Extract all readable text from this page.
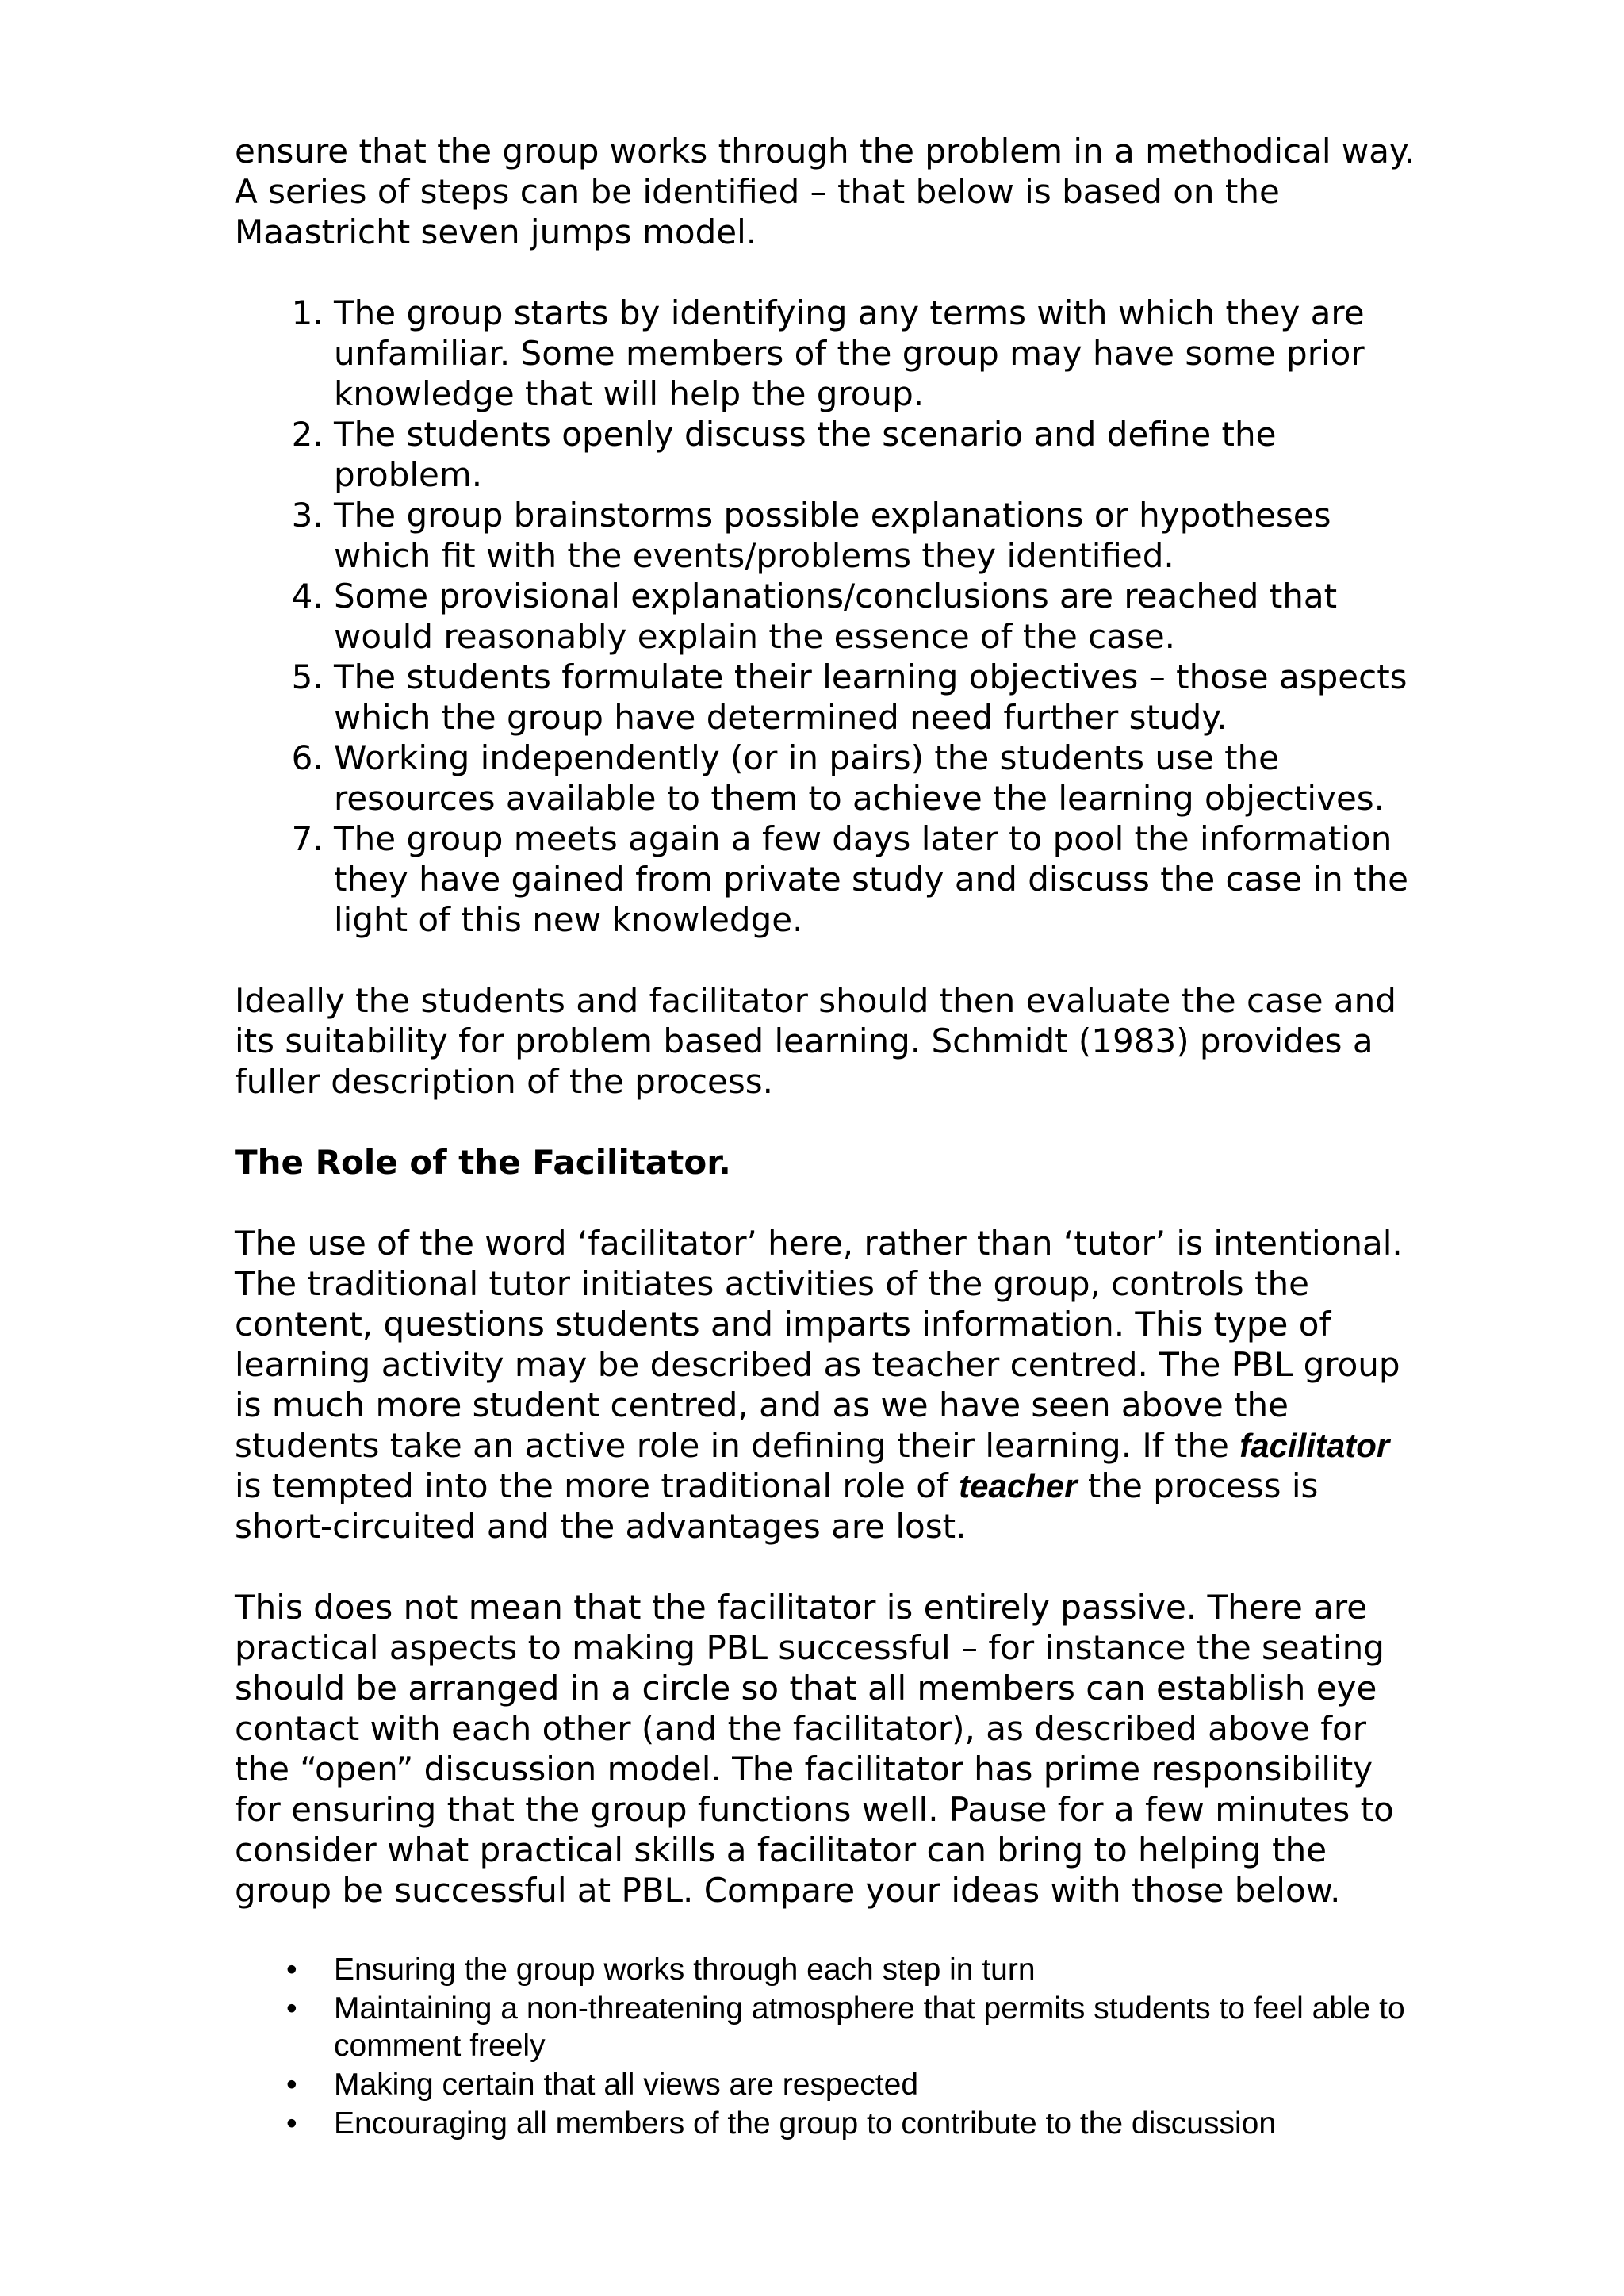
ensure that the group works through the problem in a methodical way. A series of steps can be identified – that below is based on the Maastricht seven jumps model.

1. The group starts by identifying any terms with which they are unfamiliar. Some members of the group may have some prior knowledge that will help the group.
2. The students openly discuss the scenario and define the problem.
3. The group brainstorms possible explanations or hypotheses which fit with the events/problems they identified.
4. Some provisional explanations/conclusions are reached that would reasonably explain the essence of the case.
5. The students formulate their learning objectives – those aspects which the group have determined need further study.
6. Working independently (or in pairs) the students use the resources available to them to achieve the learning objectives.
7. The group meets again a few days later to pool the information they have gained from private study and discuss the case in the light of this new knowledge.

Ideally the students and facilitator should then evaluate the case and its suitability for problem based learning. Schmidt (1983) provides a fuller description of the process.

The Role of the Facilitator.

The use of the word ‘facilitator’ here, rather than ‘tutor’ is intentional. The traditional tutor initiates activities of the group, controls the content, questions students and imparts information. This type of learning activity may be described as teacher centred. The PBL group is much more student centred, and as we have seen above the students take an active role in defining their learning. If the facilitator is tempted into the more traditional role of teacher the process is short-circuited and the advantages are lost.

This does not mean that the facilitator is entirely passive. There are practical aspects to making PBL successful – for instance the seating should be arranged in a circle so that all members can establish eye contact with each other (and the facilitator), as described above for the “open” discussion model. The facilitator has prime responsibility for ensuring that the group functions well. Pause for a few minutes to consider what practical skills a facilitator can bring to helping the group be successful at PBL. Compare your ideas with those below.

• Ensuring the group works through each step in turn
• Maintaining a non-threatening atmosphere that permits students to feel able to comment freely
• Making certain that all views are respected
• Encouraging all members of the group to contribute to the discussion
